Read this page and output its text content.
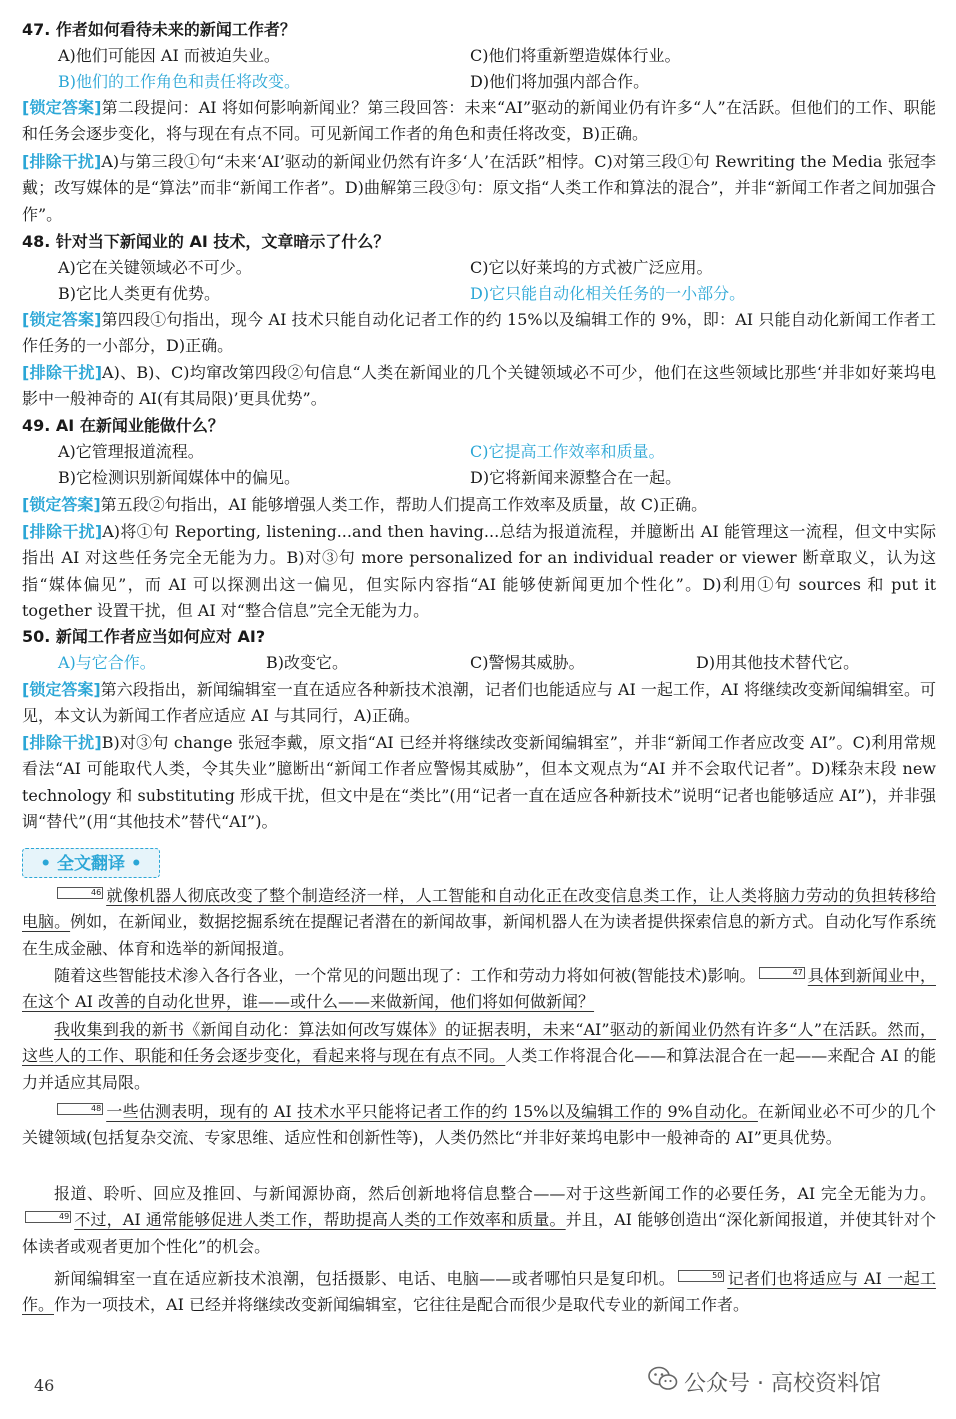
47. 作者如何看待未来的新闻工作者？
A)他们可能因 AI 而被迫失业。	C)他们将重新塑造媒体行业。
B)他们的工作角色和责任将改变。	D)他们将加强内部合作。
[锁定答案]第二段提问：AI 将如何影响新闻业？第三段回答：未来“AI”驱动的新闻业仍有许多“人”在活跃。但他们的工作、职能和任务会逐步变化，将与现在有点不同。可见新闻工作者的角色和责任将改变，B)正确。
[排除干扰]A)与第三段①句“未来‘AI’驱动的新闻业仍然有许多‘人’在活跃”相悖。C)对第三段①句 Rewriting the Media 张冠李戴；改写媒体的是“算法”而非“新闻工作者”。D)曲解第三段③句：原文指“人类工作和算法的混合”，并非“新闻工作者之间加强合作”。
48. 针对当下新闻业的 AI 技术，文章暗示了什么？
A)它在关键领域必不可少。	C)它以好莱坞的方式被广泛应用。
B)它比人类更有优势。	D)它只能自动化相关任务的一小部分。
[锁定答案]第四段①句指出，现今 AI 技术只能自动化记者工作的约 15%以及编辑工作的 9%，即：AI 只能自动化新闻工作者工作任务的一小部分，D)正确。
[排除干扰]A)、B)、C)均窜改第四段②句信息“人类在新闻业的几个关键领域必不可少，他们在这些领域比那些‘并非如好莱坞电影中一般神奇的 AI(有其局限)’更具优势”。
49. AI 在新闻业能做什么？
A)它管理报道流程。	C)它提高工作效率和质量。
B)它检测识别新闻媒体中的偏见。	D)它将新闻来源整合在一起。
[锁定答案]第五段②句指出，AI 能够增强人类工作，帮助人们提高工作效率及质量，故 C)正确。
[排除干扰]A)将①句 Reporting, listening...and then having...总结为报道流程，并臆断出 AI 能管理这一流程，但文中实际指出 AI 对这些任务完全无能为力。B)对③句 more personalized for an individual reader or viewer 断章取义，认为这指“媒体偏见”，而 AI 可以探测出这一偏见，但实际内容指“AI 能够使新闻更加个性化”。D)利用①句 sources 和 put it together 设置干扰，但 AI 对“整合信息”完全无能为力。
50. 新闻工作者应当如何应对 AI?
A)与它合作。	B)改变它。	C)警惕其威胁。	D)用其他技术替代它。
[锁定答案]第六段指出，新闻编辑室一直在适应各种新技术浪潮，记者们也能适应与 AI 一起工作，AI 将继续改变新闻编辑室。可见，本文认为新闻工作者应适应 AI 与其同行，A)正确。
[排除干扰]B)对③句 change 张冠李戴，原文指“AI 已经并将继续改变新闻编辑室”，并非“新闻工作者应改变 AI”。C)利用常规看法“AI 可能取代人类，令其失业”臆断出“新闻工作者应警惕其威胁”，但本文观点为“AI 并不会取代记者”。D)糅杂末段 new technology 和 substituting 形成干扰，但文中是在“类比”(用“记者一直在适应各种新技术”说明“记者也能够适应 AI”)，并非强调“替代”(用“其他技术”替代“AI”)。
• 全文翻译 •

46 就像机器人彻底改变了整个制造经济一样，人工智能和自动化正在改变信息类工作，让人类将脑力劳动的负担转移给电脑。例如，在新闻业，数据挖掘系统在提醒记者潜在的新闻故事，新闻机器人在为读者提供探索信息的新方式。自动化写作系统在生成金融、体育和选举的新闻报道。

随着这些智能技术渗入各行各业，一个常见的问题出现了：工作和劳动力将如何被(智能技术)影响。	47 具体到新闻业中，在这个 AI 改善的自动化世界，谁——或什么——来做新闻，他们将如何做新闻？

我收集到我的新书《新闻自动化：算法如何改写媒体》的证据表明，未来“AI”驱动的新闻业仍然有许多“人”在活跃。然而，这些人的工作、职能和任务会逐步变化，看起来将与现在有点不同。人类工作将混合化——和算法混合在一起——来配合 AI 的能力并适应其局限。

48 一些估测表明，现有的 AI 技术水平只能将记者工作的约 15%以及编辑工作的 9%自动化。在新闻业必不可少的几个关键领域(包括复杂交流、专家思维、适应性和创新性等)，人类仍然比“并非好莱坞电影中一般神奇的 AI”更具优势。

报道、聆听、回应及推回、与新闻源协商，然后创新地将信息整合——对于这些新闻工作的必要任务，AI 完全无能为力。49 不过，AI 通常能够促进人类工作，帮助提高人类的工作效率和质量。并且，AI 能够创造出“深化新闻报道，并使其针对个体读者或观者更加个性化”的机会。

新闻编辑室一直在适应新技术浪潮，包括摄影、电话、电脑——或者哪怕只是复印机。	50 记者们也将适应与 AI 一起工作。作为一项技术，AI 已经并将继续改变新闻编辑室，它往往是配合而很少是取代专业的新闻工作者。

46	公众号 · 高校资料馆
